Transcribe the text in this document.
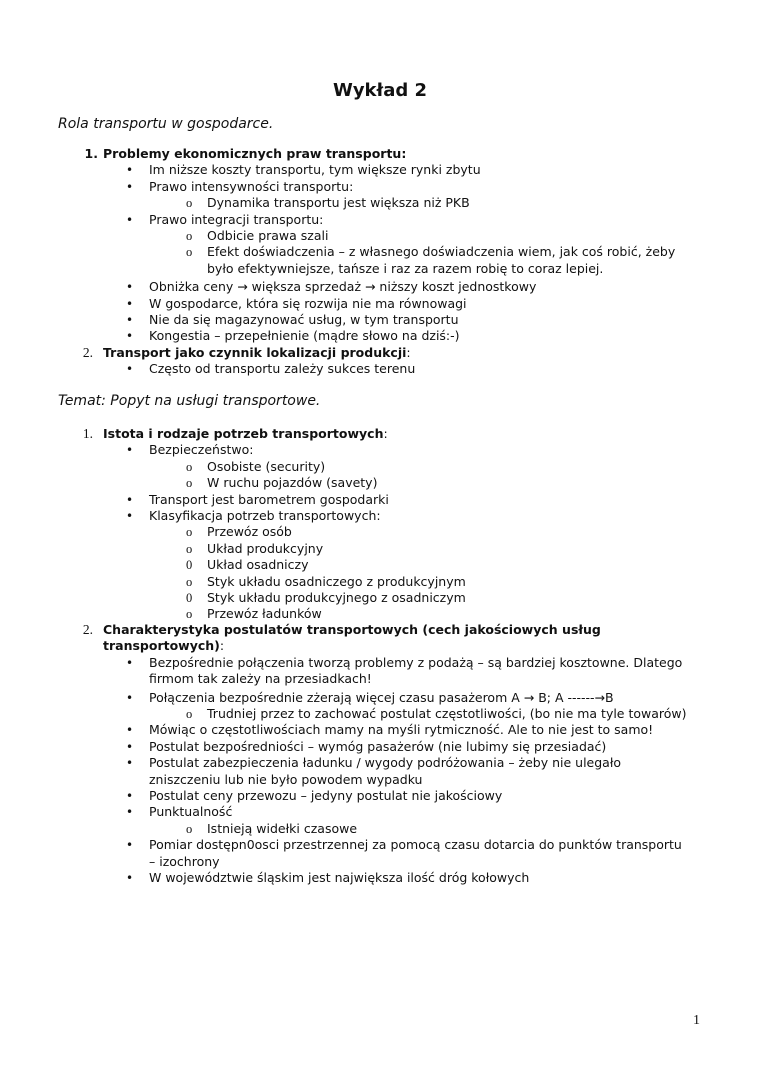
Wykład 2
Rola transportu w gospodarce.
1. Problemy ekonomicznych praw transportu:

• Im niższe koszty transportu, tym większe rynki zbytu

• Prawo intensywności transportu:

o Dynamika transportu jest większa niż PKB

• Prawo integracji transportu:

o Odbicie prawa szali

o Efekt doświadczenia – z własnego doświadczenia wiem, jak coś robić, żeby

było efektywniejsze, tańsze i raz za razem robię to coraz lepiej.

• Obniżka ceny → większa sprzedaż → niższy koszt jednostkowy

• W gospodarce, która się rozwija nie ma równowagi

• Nie da się magazynować usług, w tym transportu

• Kongestia – przepełnienie (mądre słowo na dziś:-)

2. Transport jako czynnik lokalizacji produkcji:

• Często od transportu zależy sukces terenu

Temat: Popyt na usługi transportowe.
1. Istota i rodzaje potrzeb transportowych:

• Bezpieczeństwo:

o Osobiste (security)

o W ruchu pojazdów (savety)

• Transport jest barometrem gospodarki

• Klasyfikacja potrzeb transportowych:

o Przewóz osób

o Układ produkcyjny

0 Układ osadniczy

o Styk układu osadniczego z produkcyjnym

0 Styk układu produkcyjnego z osadniczym

o Przewóz ładunków

2. Charakterystyka postulatów transportowych (cech jakościowych usług

transportowych):

• Bezpośrednie połączenia tworzą problemy z podażą – są bardziej kosztowne. Dlatego

firmom tak zależy na przesiadkach!

• Połączenia bezpośrednie zżerają więcej czasu pasażerom A → B; A ------→B

o Trudniej przez to zachować postulat częstotliwości, (bo nie ma tyle towarów)

• Mówiąc o częstotliwościach mamy na myśli rytmiczność. Ale to nie jest to samo!

• Postulat bezpośredniości – wymóg pasażerów (nie lubimy się przesiadać)

• Postulat zabezpieczenia ładunku / wygody podróżowania – żeby nie ulegało

zniszczeniu lub nie było powodem wypadku

• Postulat ceny przewozu – jedyny postulat nie jakościowy

• Punktualność

o Istnieją widełki czasowe

• Pomiar dostępn0osci przestrzennej za pomocą czasu dotarcia do punktów transportu

– izochrony

• W województwie śląskim jest największa ilość dróg kołowych

1
